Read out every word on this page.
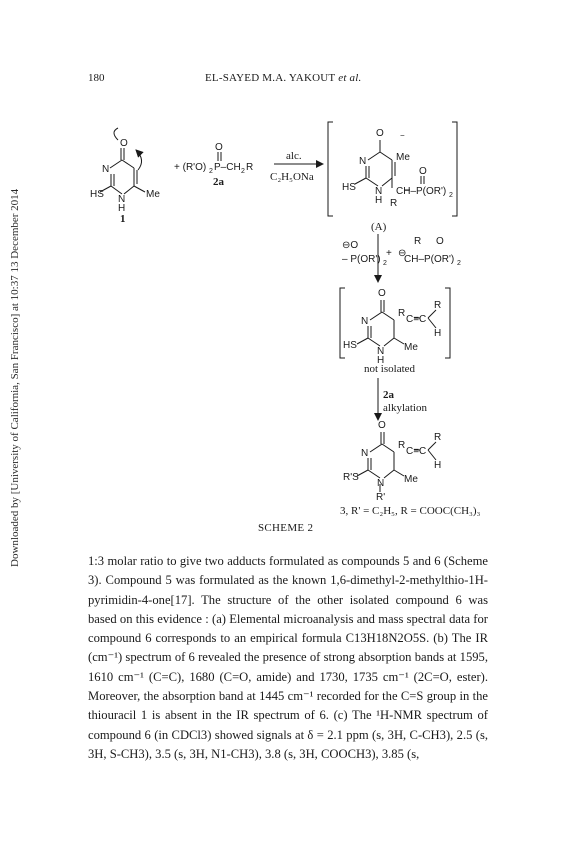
Downloaded by [University of California, San Francisco] at 10:37 13 December 2014
180	EL-SAYED M.A. YAKOUT et al.
O
N
N
H
HS	Me
O
+ (R'O) 2 P–CH 2 R
O −
N	Me
HS N
H
CH–P(OR') 2
O
R
⊖O
– P(OR') 2
+ ⊖
CH–P(OR') 2
R O
O
N
R
C=C
R
H
HS
N
H
Me
O
N
R
C=C
R
H
R'S
N
R'
Me
1
2a
alc.
C₂H₅ONa
(A)
not isolated
2a
alkylation
3, R' = C₂H₅, R = COOC(CH₃)₃
SCHEME 2

1:3 molar ratio to give two adducts formulated as compounds 5 and 6 (Scheme 3). Compound 5 was formulated as the known 1,6-dimethyl-2-methylthio-1H-pyrimidin-4-one[17]. The structure of the other isolated compound 6 was based on this evidence : (a) Elemental microanalysis and mass spectral data for compound 6 corresponds to an empirical formula C13H18N2O5S. (b) The IR (cm⁻¹) spectrum of 6 revealed the presence of strong absorption bands at 1595, 1610 cm⁻¹ (C=C), 1680 (C=O, amide) and 1730, 1735 cm⁻¹ (2C=O, ester). Moreover, the absorption band at 1445 cm⁻¹ recorded for the C=S group in the thiouracil 1 is absent in the IR spectrum of 6. (c) The ¹H-NMR spectrum of compound 6 (in CDCl3) showed signals at δ = 2.1 ppm (s, 3H, C-CH3), 2.5 (s, 3H, S-CH3), 3.5 (s, 3H, N1-CH3), 3.8 (s, 3H, COOCH3), 3.85 (s,
